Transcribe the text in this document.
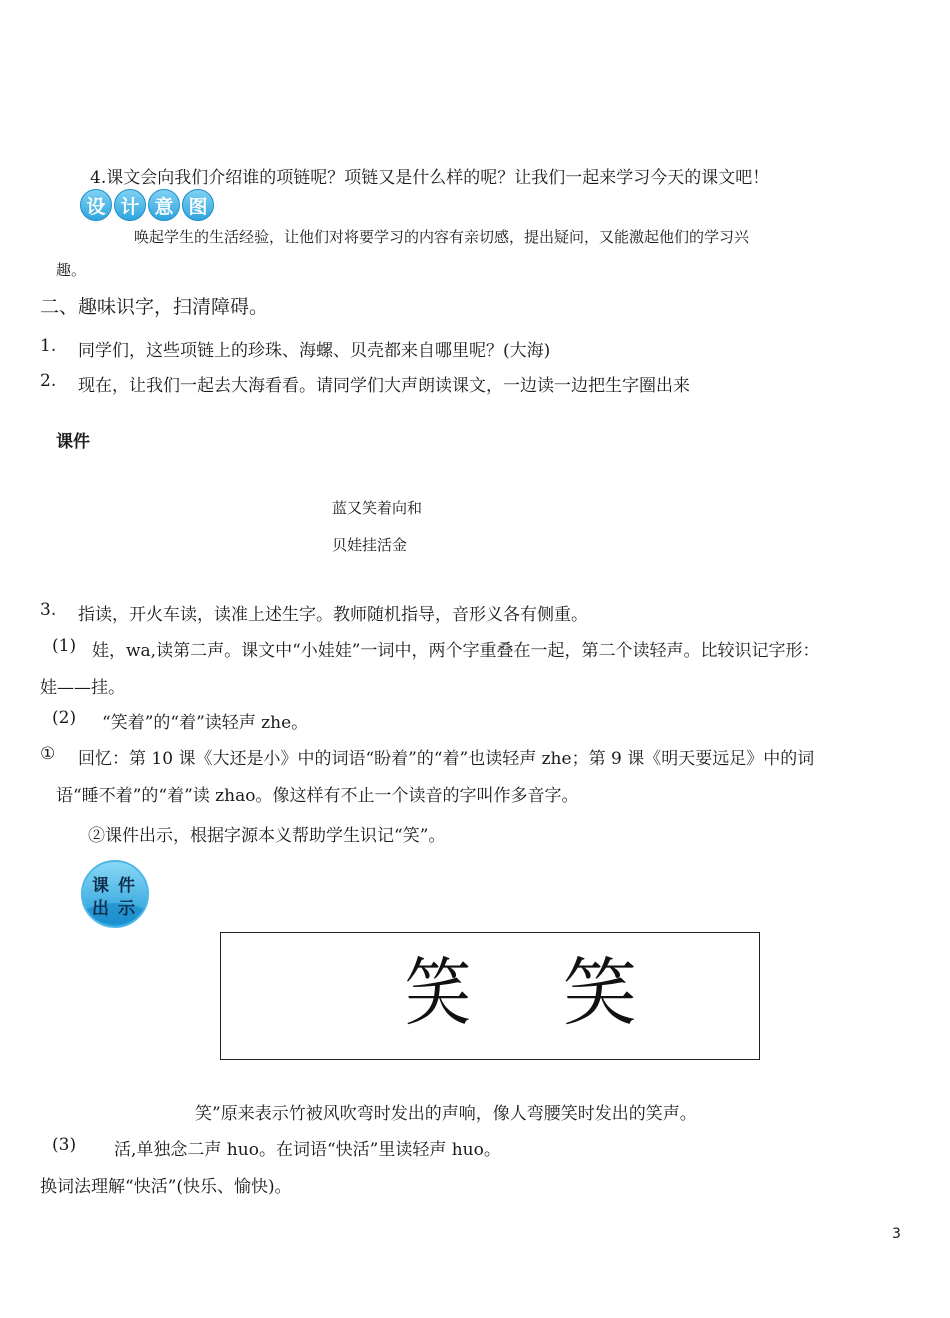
4.课文会向我们介绍谁的项链呢？项链又是什么样的呢？让我们一起来学习今天的课文吧！
设 计 意 图
唤起学生的生活经验，让他们对将要学习的内容有亲切感，提出疑问，又能激起他们的学习兴
趣。
二、趣味识字，扫清障碍。
1. 同学们，这些项链上的珍珠、海螺、贝壳都来自哪里呢？(大海)
2. 现在，让我们一起去大海看看。请同学们大声朗读课文，一边读一边把生字圈出来
课件
蓝又笑着向和
贝娃挂活金
3. 指读，开火车读，读准上述生字。教师随机指导，音形义各有侧重。
(1) 娃，wa,读第二声。课文中“小娃娃”一词中，两个字重叠在一起，第二个读轻声。比较识记字形：
娃——挂。
(2) “笑着”的“着”读轻声 zhe。
① 回忆：第 10 课《大还是小》中的词语“盼着”的“着”也读轻声 zhe；第 9 课《明天要远足》中的词
语“睡不着”的“着”读 zhao。像这样有不止一个读音的字叫作多音字。
②课件出示，根据字源本义帮助学生识记“笑”。
课 件
出 示
笑 笑
笑”原来表示竹被风吹弯时发出的声响，像人弯腰笑时发出的笑声。
(3) 活,单独念二声 huo。在词语“快活”里读轻声 huo。
换词法理解“快活”(快乐、愉快)。
3
